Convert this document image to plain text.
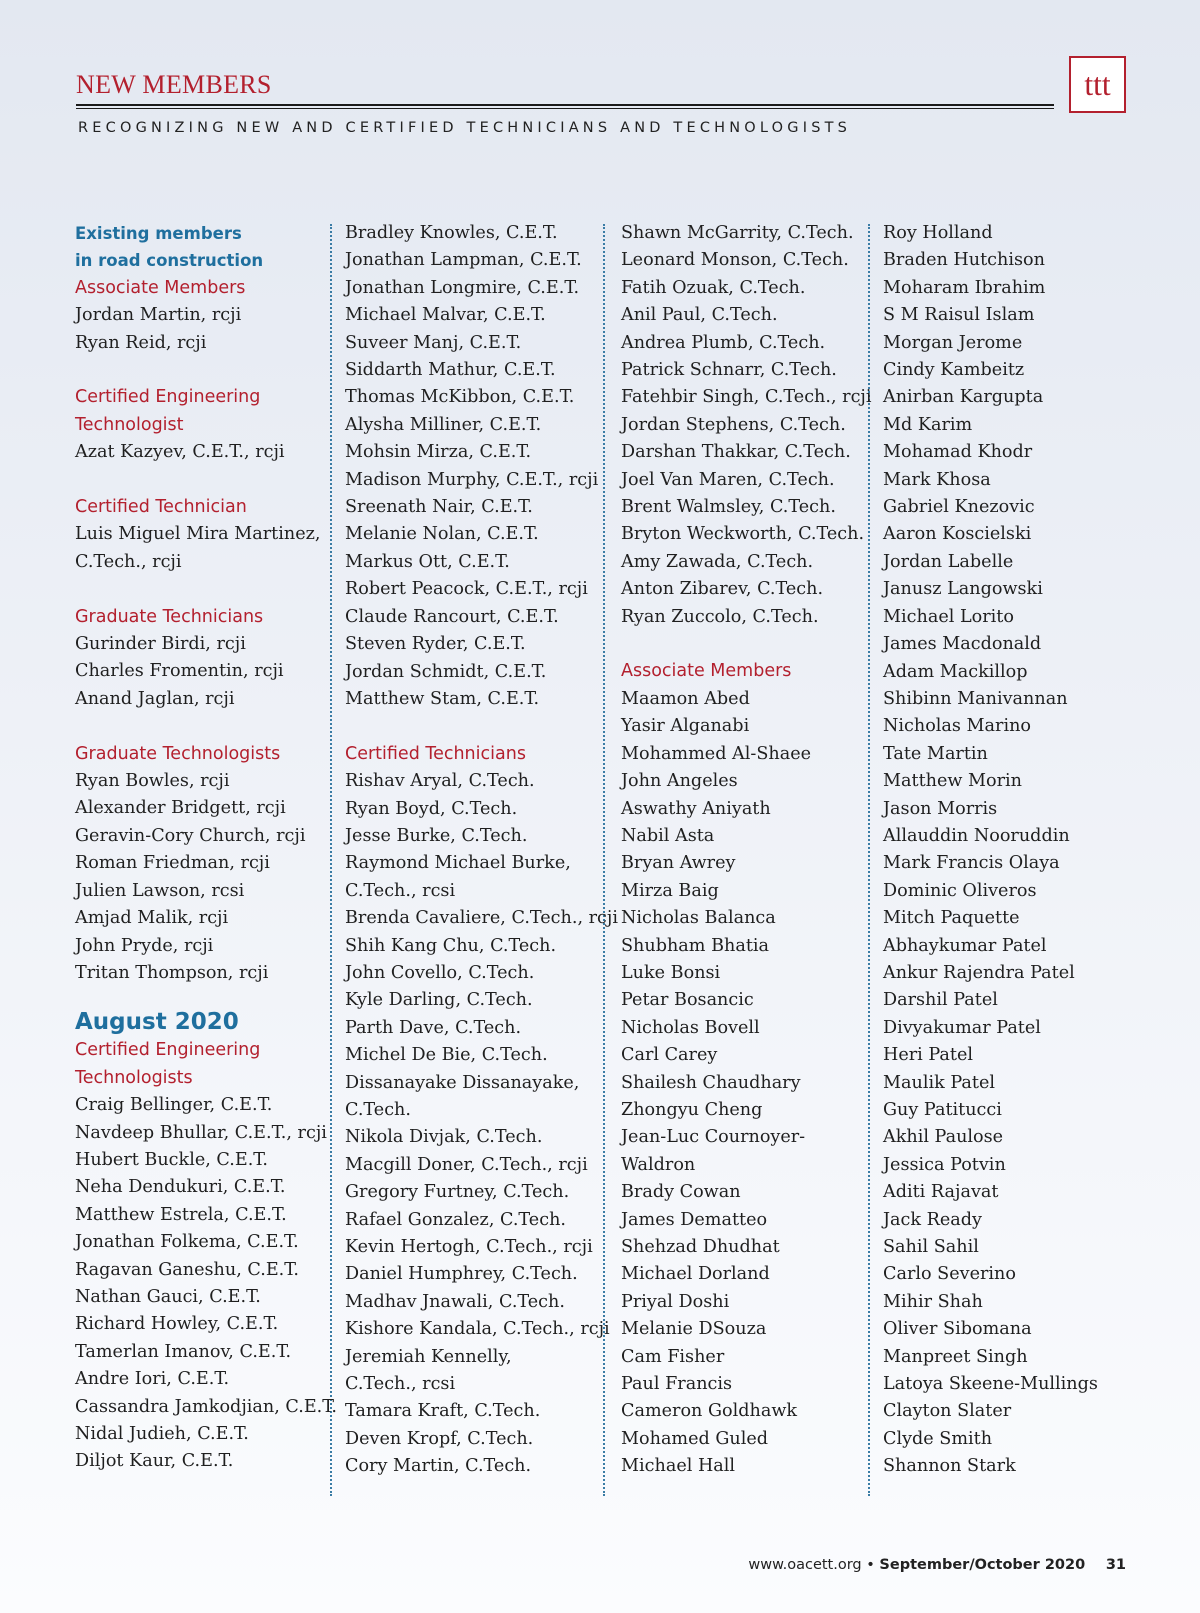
NEW MEMBERS	ttt
RECOGNIZING NEW AND CERTIFIED TECHNICIANS AND TECHNOLOGISTS
Existing members
in road construction
Associate Members
Jordan Martin, rcji
Ryan Reid, rcji
Certified Engineering
Technologist
Azat Kazyev, C.E.T., rcji
Certified Technician
Luis Miguel Mira Martinez,
C.Tech., rcji
Graduate Technicians
Gurinder Birdi, rcji
Charles Fromentin, rcji
Anand Jaglan, rcji
Graduate Technologists
Ryan Bowles, rcji
Alexander Bridgett, rcji
Geravin-Cory Church, rcji
Roman Friedman, rcji
Julien Lawson, rcsi
Amjad Malik, rcji
John Pryde, rcji
Tritan Thompson, rcji
August 2020
Certified Engineering
Technologists
Craig Bellinger, C.E.T.
Navdeep Bhullar, C.E.T., rcji
Hubert Buckle, C.E.T.
Neha Dendukuri, C.E.T.
Matthew Estrela, C.E.T.
Jonathan Folkema, C.E.T.
Ragavan Ganeshu, C.E.T.
Nathan Gauci, C.E.T.
Richard Howley, C.E.T.
Tamerlan Imanov, C.E.T.
Andre Iori, C.E.T.
Cassandra Jamkodjian, C.E.T.
Nidal Judieh, C.E.T.
Diljot Kaur, C.E.T.
Bradley Knowles, C.E.T.
Jonathan Lampman, C.E.T.
Jonathan Longmire, C.E.T.
Michael Malvar, C.E.T.
Suveer Manj, C.E.T.
Siddarth Mathur, C.E.T.
Thomas McKibbon, C.E.T.
Alysha Milliner, C.E.T.
Mohsin Mirza, C.E.T.
Madison Murphy, C.E.T., rcji
Sreenath Nair, C.E.T.
Melanie Nolan, C.E.T.
Markus Ott, C.E.T.
Robert Peacock, C.E.T., rcji
Claude Rancourt, C.E.T.
Steven Ryder, C.E.T.
Jordan Schmidt, C.E.T.
Matthew Stam, C.E.T.
Certified Technicians
Rishav Aryal, C.Tech.
Ryan Boyd, C.Tech.
Jesse Burke, C.Tech.
Raymond Michael Burke,
C.Tech., rcsi
Brenda Cavaliere, C.Tech., rcji
Shih Kang Chu, C.Tech.
John Covello, C.Tech.
Kyle Darling, C.Tech.
Parth Dave, C.Tech.
Michel De Bie, C.Tech.
Dissanayake Dissanayake,
C.Tech.
Nikola Divjak, C.Tech.
Macgill Doner, C.Tech., rcji
Gregory Furtney, C.Tech.
Rafael Gonzalez, C.Tech.
Kevin Hertogh, C.Tech., rcji
Daniel Humphrey, C.Tech.
Madhav Jnawali, C.Tech.
Kishore Kandala, C.Tech., rcji
Jeremiah Kennelly,
C.Tech., rcsi
Tamara Kraft, C.Tech.
Deven Kropf, C.Tech.
Cory Martin, C.Tech.
Shawn McGarrity, C.Tech.
Leonard Monson, C.Tech.
Fatih Ozuak, C.Tech.
Anil Paul, C.Tech.
Andrea Plumb, C.Tech.
Patrick Schnarr, C.Tech.
Fatehbir Singh, C.Tech., rcji
Jordan Stephens, C.Tech.
Darshan Thakkar, C.Tech.
Joel Van Maren, C.Tech.
Brent Walmsley, C.Tech.
Bryton Weckworth, C.Tech.
Amy Zawada, C.Tech.
Anton Zibarev, C.Tech.
Ryan Zuccolo, C.Tech.
Associate Members
Maamon Abed
Yasir Alganabi
Mohammed Al-Shaee
John Angeles
Aswathy Aniyath
Nabil Asta
Bryan Awrey
Mirza Baig
Nicholas Balanca
Shubham Bhatia
Luke Bonsi
Petar Bosancic
Nicholas Bovell
Carl Carey
Shailesh Chaudhary
Zhongyu Cheng
Jean-Luc Cournoyer-
Waldron
Brady Cowan
James Dematteo
Shehzad Dhudhat
Michael Dorland
Priyal Doshi
Melanie DSouza
Cam Fisher
Paul Francis
Cameron Goldhawk
Mohamed Guled
Michael Hall
Roy Holland
Braden Hutchison
Moharam Ibrahim
S M Raisul Islam
Morgan Jerome
Cindy Kambeitz
Anirban Kargupta
Md Karim
Mohamad Khodr
Mark Khosa
Gabriel Knezovic
Aaron Koscielski
Jordan Labelle
Janusz Langowski
Michael Lorito
James Macdonald
Adam Mackillop
Shibinn Manivannan
Nicholas Marino
Tate Martin
Matthew Morin
Jason Morris
Allauddin Nooruddin
Mark Francis Olaya
Dominic Oliveros
Mitch Paquette
Abhaykumar Patel
Ankur Rajendra Patel
Darshil Patel
Divyakumar Patel
Heri Patel
Maulik Patel
Guy Patitucci
Akhil Paulose
Jessica Potvin
Aditi Rajavat
Jack Ready
Sahil Sahil
Carlo Severino
Mihir Shah
Oliver Sibomana
Manpreet Singh
Latoya Skeene-Mullings
Clayton Slater
Clyde Smith
Shannon Stark
www.oacett.org • September/October 2020 31
